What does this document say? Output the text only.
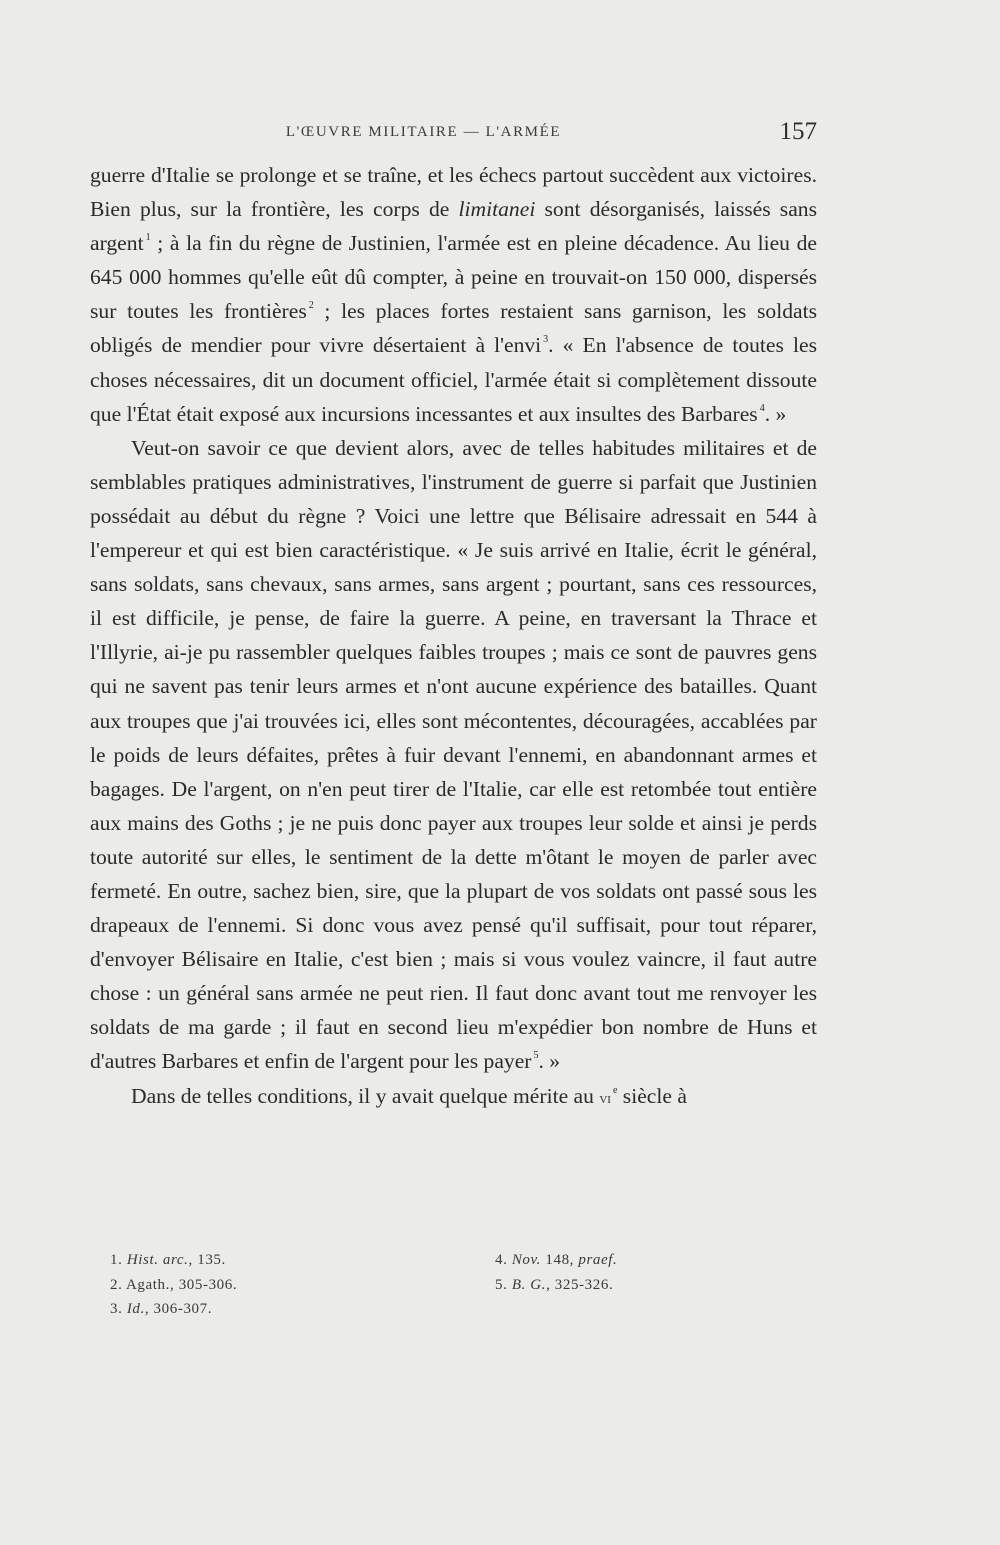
L'ŒUVRE MILITAIRE — L'ARMÉE	157

guerre d'Italie se prolonge et se traîne, et les échecs partout succèdent aux victoires. Bien plus, sur la frontière, les corps de limitanei sont désorganisés, laissés sans argent $^1$ ; à la fin du règne de Justinien, l'armée est en pleine décadence. Au lieu de 645 000 hommes qu'elle eût dû compter, à peine en trouvait-on 150 000, dispersés sur toutes les frontières $^2$ ; les places fortes restaient sans garnison, les soldats obligés de mendier pour vivre désertaient à l'envi $^3$. « En l'absence de toutes les choses nécessaires, dit un document officiel, l'armée était si complètement dissoute que l'État était exposé aux incursions incessantes et aux insultes des Barbares $^4$. »

Veut-on savoir ce que devient alors, avec de telles habitudes militaires et de semblables pratiques administratives, l'instrument de guerre si parfait que Justinien possédait au début du règne ? Voici une lettre que Bélisaire adressait en 544 à l'empereur et qui est bien caractéristique. « Je suis arrivé en Italie, écrit le général, sans soldats, sans chevaux, sans armes, sans argent ; pourtant, sans ces ressources, il est difficile, je pense, de faire la guerre. A peine, en traversant la Thrace et l'Illyrie, ai-je pu rassembler quelques faibles troupes ; mais ce sont de pauvres gens qui ne savent pas tenir leurs armes et n'ont aucune expérience des batailles. Quant aux troupes que j'ai trouvées ici, elles sont mécontentes, découragées, accablées par le poids de leurs défaites, prêtes à fuir devant l'ennemi, en abandonnant armes et bagages. De l'argent, on n'en peut tirer de l'Italie, car elle est retombée tout entière aux mains des Goths ; je ne puis donc payer aux troupes leur solde et ainsi je perds toute autorité sur elles, le sentiment de la dette m'ôtant le moyen de parler avec fermeté. En outre, sachez bien, sire, que la plupart de vos soldats ont passé sous les drapeaux de l'ennemi. Si donc vous avez pensé qu'il suffisait, pour tout réparer, d'envoyer Bélisaire en Italie, c'est bien ; mais si vous voulez vaincre, il faut autre chose : un général sans armée ne peut rien. Il faut donc avant tout me renvoyer les soldats de ma garde ; il faut en second lieu m'expédier bon nombre de Huns et d'autres Barbares et enfin de l'argent pour les payer $^5$. »

Dans de telles conditions, il y avait quelque mérite au vi $^e$ siècle à

1. Hist. arc., 135.
2. Agath., 305-306.
3. Id., 306-307.
4. Nov. 148, praef.
5. B. G., 325-326.
